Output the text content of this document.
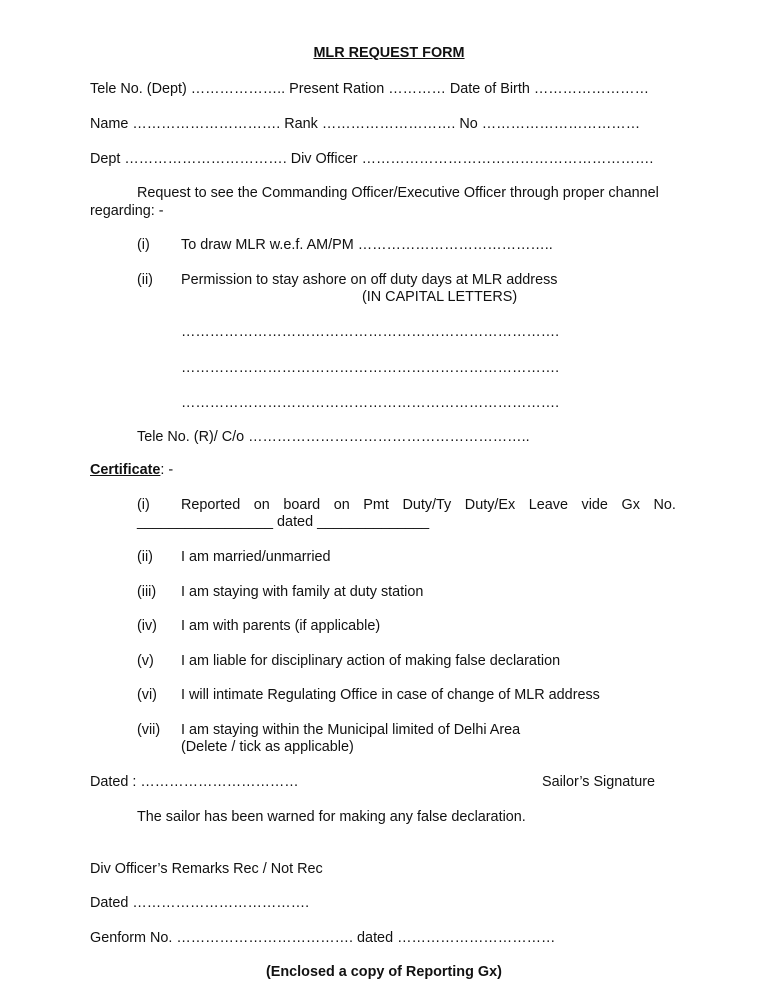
MLR REQUEST FORM
Tele No. (Dept) ……………….. Present Ration ………… Date of Birth ……………………
Name …………………………. Rank ………………………. No ……………………………
Dept ……………………………. Div Officer …………………………………………………….
Request to see the Commanding Officer/Executive Officer through proper channel
regarding: -
(i) To draw MLR w.e.f. AM/PM …………………………………..
(ii) Permission to stay ashore on off duty days at MLR address
(IN CAPITAL LETTERS)
…………………………………………………………………….
…………………………………………………………………….
…………………………………………………………………….
Tele No. (R)/ C/o …………………………………………………..
Certificate: -
(i) Reported on board on Pmt Duty/Ty Duty/Ex Leave vide Gx No.
_________________ dated ______________
(ii) I am married/unmarried
(iii) I am staying with family at duty station
(iv) I am with parents (if applicable)
(v) I am liable for disciplinary action of making false declaration
(vi) I will intimate Regulating Office in case of change of MLR address
(vii) I am staying within the Municipal limited of Delhi Area
(Delete / tick as applicable)
Dated : ……………………………	Sailor’s Signature
The sailor has been warned for making any false declaration.
Div Officer’s Remarks Rec / Not Rec
Dated ……………………………….
Genform No. ………………………………. dated ……………………………
(Enclosed a copy of Reporting Gx)
